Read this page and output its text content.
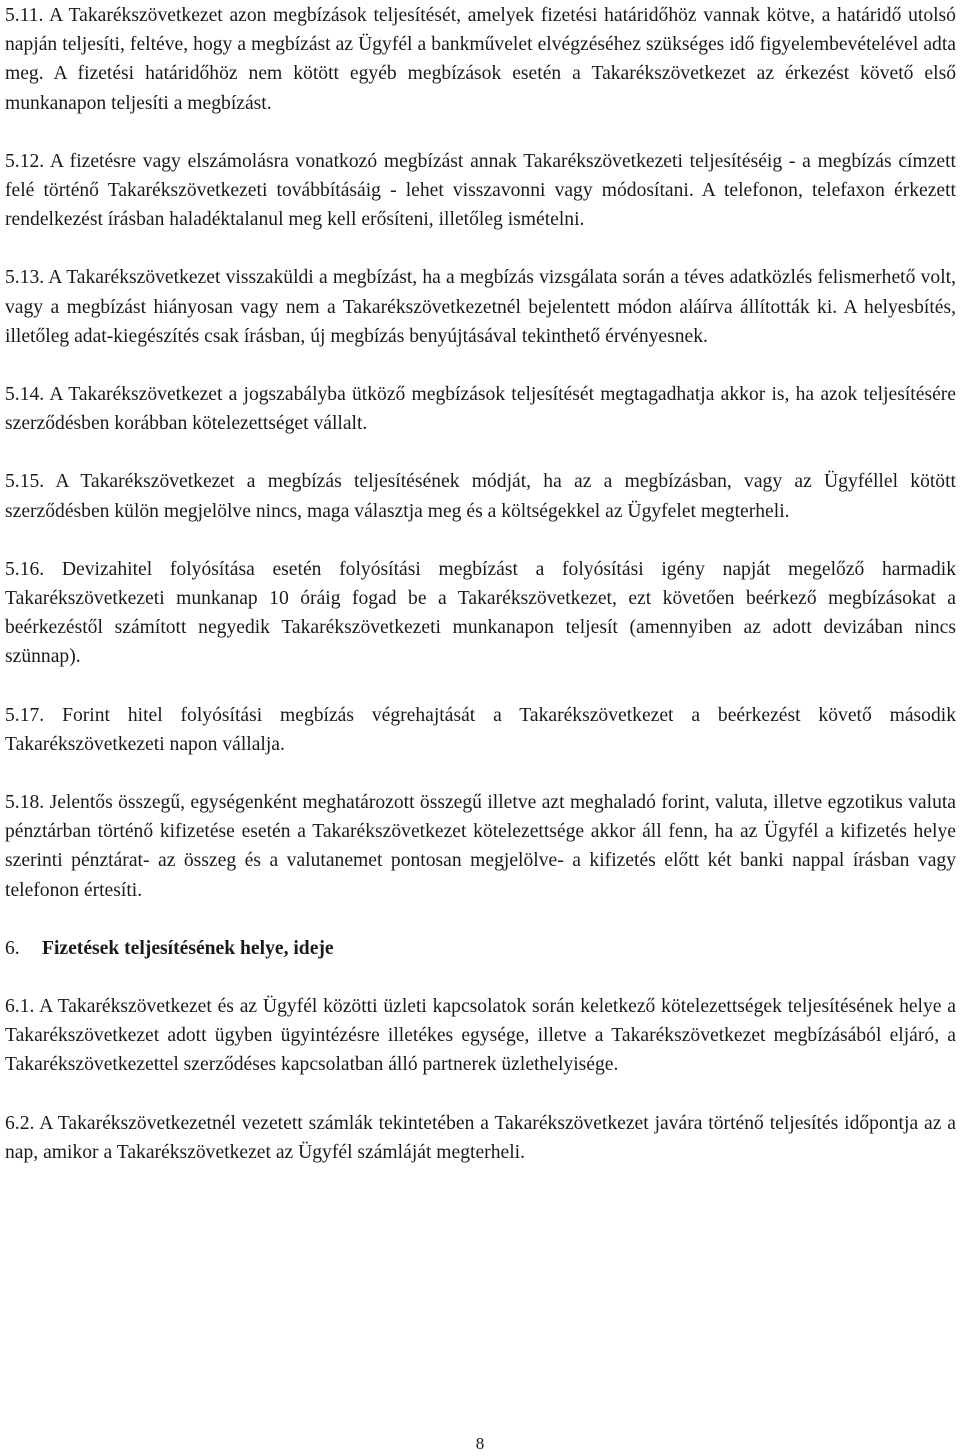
5.11. A Takarékszövetkezet azon megbízások teljesítését, amelyek fizetési határidőhöz vannak kötve, a határidő utolsó napján teljesíti, feltéve, hogy a megbízást az Ügyfél a bankművelet elvégzéséhez szükséges idő figyelembevételével adta meg. A fizetési határidőhöz nem kötött egyéb megbízások esetén a Takarékszövetkezet az érkezést követő első munkanapon teljesíti a megbízást.

5.12. A fizetésre vagy elszámolásra vonatkozó megbízást annak Takarékszövetkezeti teljesítéséig - a megbízás címzett felé történő Takarékszövetkezeti továbbításáig - lehet visszavonni vagy módosítani. A telefonon, telefaxon érkezett rendelkezést írásban haladéktalanul meg kell erősíteni, illetőleg ismételni.

5.13. A Takarékszövetkezet visszaküldi a megbízást, ha a megbízás vizsgálata során a téves adatközlés felismerhető volt, vagy a megbízást hiányosan vagy nem a Takarékszövetkezetnél bejelentett módon aláírva állították ki. A helyesbítés, illetőleg adat-kiegészítés csak írásban, új megbízás benyújtásával tekinthető érvényesnek.

5.14. A Takarékszövetkezet a jogszabályba ütköző megbízások teljesítését megtagadhatja akkor is, ha azok teljesítésére szerződésben korábban kötelezettséget vállalt.

5.15. A Takarékszövetkezet a megbízás teljesítésének módját, ha az a megbízásban, vagy az Ügyféllel kötött szerződésben külön megjelölve nincs, maga választja meg és a költségekkel az Ügyfelet megterheli.

5.16. Devizahitel folyósítása esetén folyósítási megbízást a folyósítási igény napját megelőző harmadik Takarékszövetkezeti munkanap 10 óráig fogad be a Takarékszövetkezet, ezt követően beérkező megbízásokat a beérkezéstől számított negyedik Takarékszövetkezeti munkanapon teljesít (amennyiben az adott devizában nincs szünnap).

5.17. Forint hitel folyósítási megbízás végrehajtását a Takarékszövetkezet a beérkezést követő második Takarékszövetkezeti napon vállalja.

5.18. Jelentős összegű, egységenként meghatározott összegű illetve azt meghaladó forint, valuta, illetve egzotikus valuta pénztárban történő kifizetése esetén a Takarékszövetkezet kötelezettsége akkor áll fenn, ha az Ügyfél a kifizetés helye szerinti pénztárat- az összeg és a valutanemet pontosan megjelölve- a kifizetés előtt két banki nappal írásban vagy telefonon értesíti.

6. Fizetések teljesítésének helye, ideje

6.1. A Takarékszövetkezet és az Ügyfél közötti üzleti kapcsolatok során keletkező kötelezettségek teljesítésének helye a Takarékszövetkezet adott ügyben ügyintézésre illetékes egysége, illetve a Takarékszövetkezet megbízásából eljáró, a Takarékszövetkezettel szerződéses kapcsolatban álló partnerek üzlethelyisége.

6.2. A Takarékszövetkezetnél vezetett számlák tekintetében a Takarékszövetkezet javára történő teljesítés időpontja az a nap, amikor a Takarékszövetkezet az Ügyfél számláját megterheli.

8
